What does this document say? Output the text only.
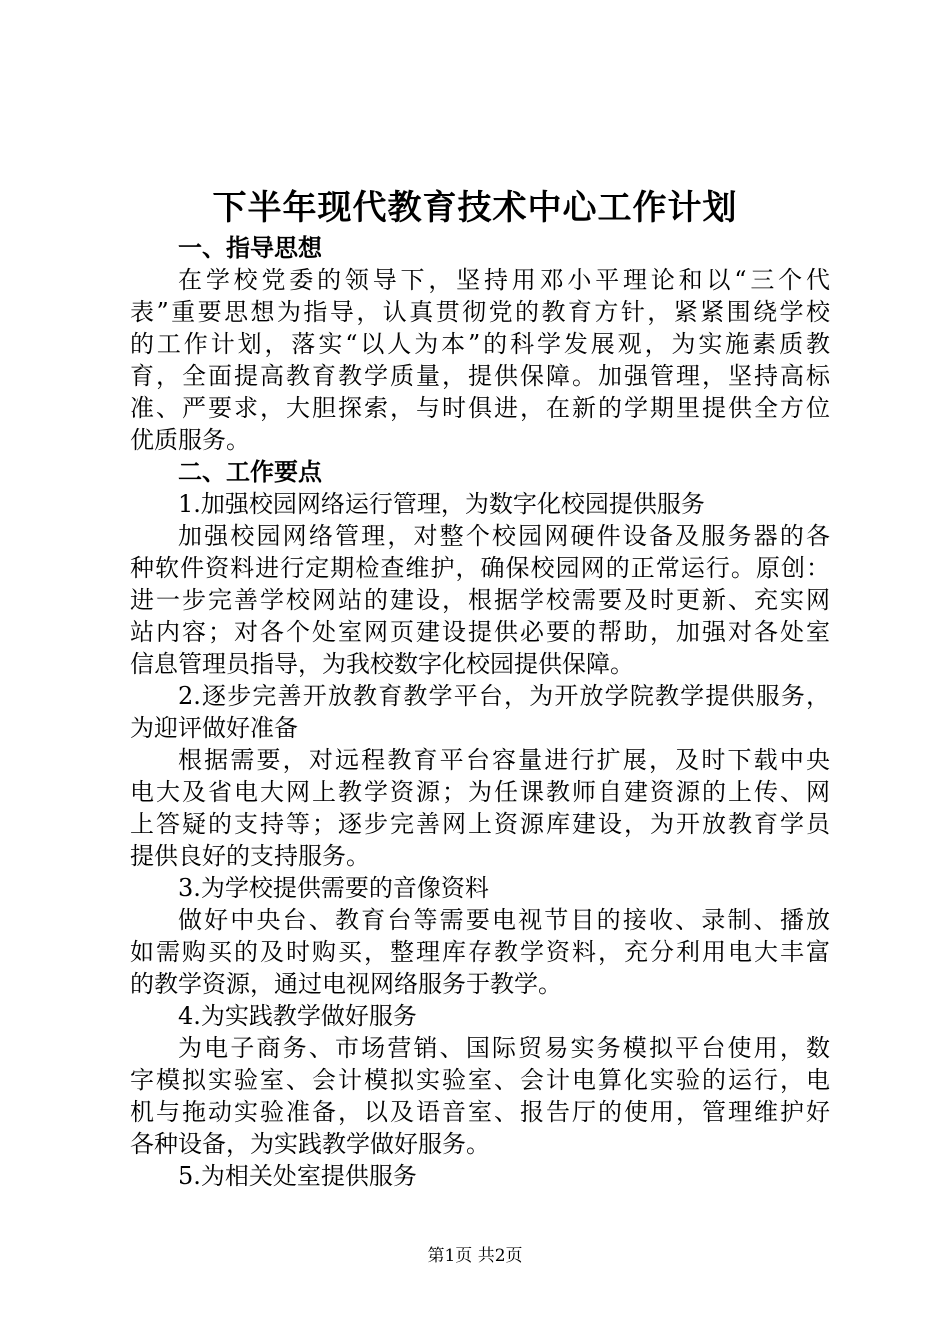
下半年现代教育技术中心工作计划
一、指导思想
在学校党委的领导下，坚持用邓小平理论和以“三个代
表”重要思想为指导，认真贯彻党的教育方针，紧紧围绕学校
的工作计划，落实“以人为本”的科学发展观，为实施素质教
育，全面提高教育教学质量，提供保障。加强管理，坚持高标
准、严要求，大胆探索，与时俱进，在新的学期里提供全方位
优质服务。
二、工作要点
1.加强校园网络运行管理，为数字化校园提供服务
加强校园网络管理，对整个校园网硬件设备及服务器的各
种软件资料进行定期检查维护，确保校园网的正常运行。原创：
进一步完善学校网站的建设，根据学校需要及时更新、充实网
站内容；对各个处室网页建设提供必要的帮助，加强对各处室
信息管理员指导，为我校数字化校园提供保障。
2.逐步完善开放教育教学平台，为开放学院教学提供服务，
为迎评做好准备
根据需要，对远程教育平台容量进行扩展，及时下载中央
电大及省电大网上教学资源；为任课教师自建资源的上传、网
上答疑的支持等；逐步完善网上资源库建设，为开放教育学员
提供良好的支持服务。
3.为学校提供需要的音像资料
做好中央台、教育台等需要电视节目的接收、录制、播放
如需购买的及时购买，整理库存教学资料，充分利用电大丰富
的教学资源，通过电视网络服务于教学。
4.为实践教学做好服务
为电子商务、市场营销、国际贸易实务模拟平台使用，数
字模拟实验室、会计模拟实验室、会计电算化实验的运行，电
机与拖动实验准备，以及语音室、报告厅的使用，管理维护好
各种设备，为实践教学做好服务。
5.为相关处室提供服务
第1页 共2页
